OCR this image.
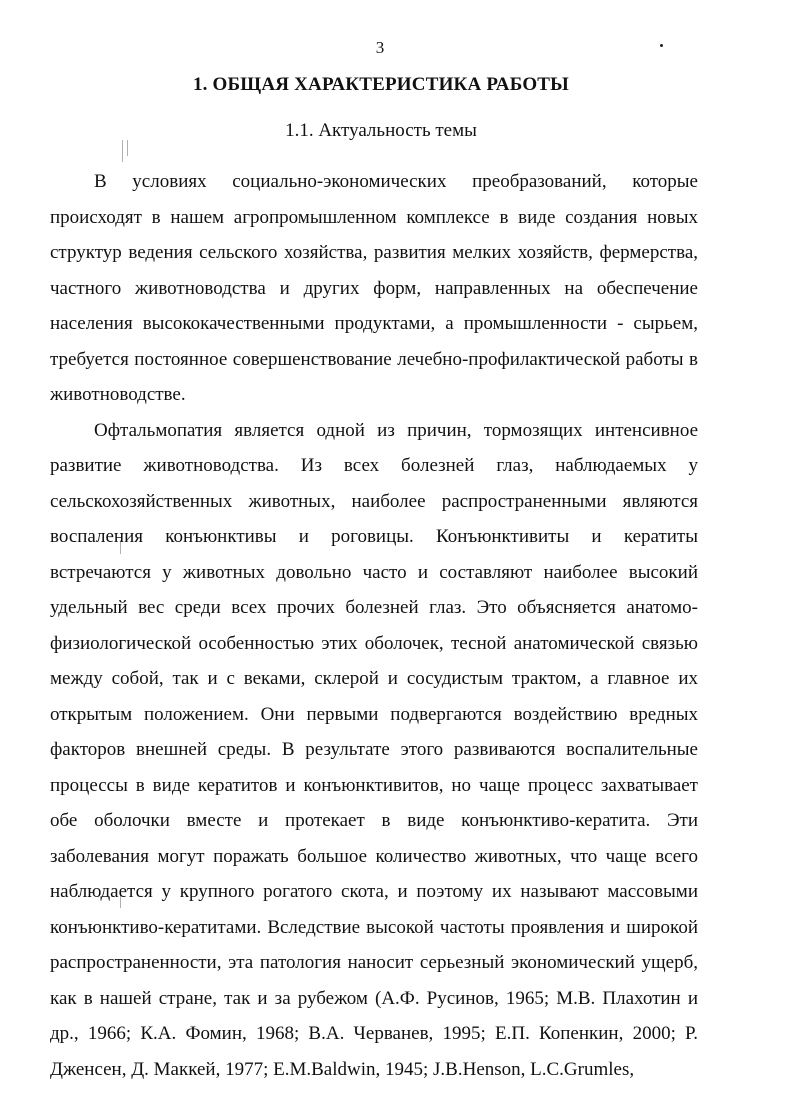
3
1. ОБЩАЯ ХАРАКТЕРИСТИКА РАБОТЫ
1.1. Актуальность темы

В условиях социально-экономических преобразований, которые происходят в нашем агропромышленном комплексе в виде создания новых структур ведения сельского хозяйства, развития мелких хозяйств, фермерства, частного животноводства и других форм, направленных на обеспечение населения высококачественными продуктами, а промышленности - сырьем, требуется постоянное совершенствование лечебно-профилактической работы в животноводстве.

Офтальмопатия является одной из причин, тормозящих интенсивное развитие животноводства. Из всех болезней глаз, наблюдаемых у сельскохозяйственных животных, наиболее распространенными являются воспаления конъюнктивы и роговицы. Конъюнктивиты и кератиты встречаются у животных довольно часто и составляют наиболее высокий удельный вес среди всех прочих болезней глаз. Это объясняется анатомо-физиологической особенностью этих оболочек, тесной анатомической связью между собой, так и с веками, склерой и сосудистым трактом, а главное их открытым положением. Они первыми подвергаются воздействию вредных факторов внешней среды. В результате этого развиваются воспалительные процессы в виде кератитов и конъюнктивитов, но чаще процесс захватывает обе оболочки вместе и протекает в виде конъюнктиво-кератита. Эти заболевания могут поражать большое количество животных, что чаще всего наблюдается у крупного рогатого скота, и поэтому их называют массовыми конъюнктиво-кератитами. Вследствие высокой частоты проявления и широкой распространенности, эта патология наносит серьезный экономический ущерб, как в нашей стране, так и за рубежом (А.Ф. Русинов, 1965; М.В. Плахотин и др., 1966; К.А. Фомин, 1968; В.А. Черванев, 1995; Е.П. Копенкин, 2000; Р. Дженсен, Д. Маккей, 1977; E.M.Baldwin, 1945; J.B.Henson, L.C.Grumles,
